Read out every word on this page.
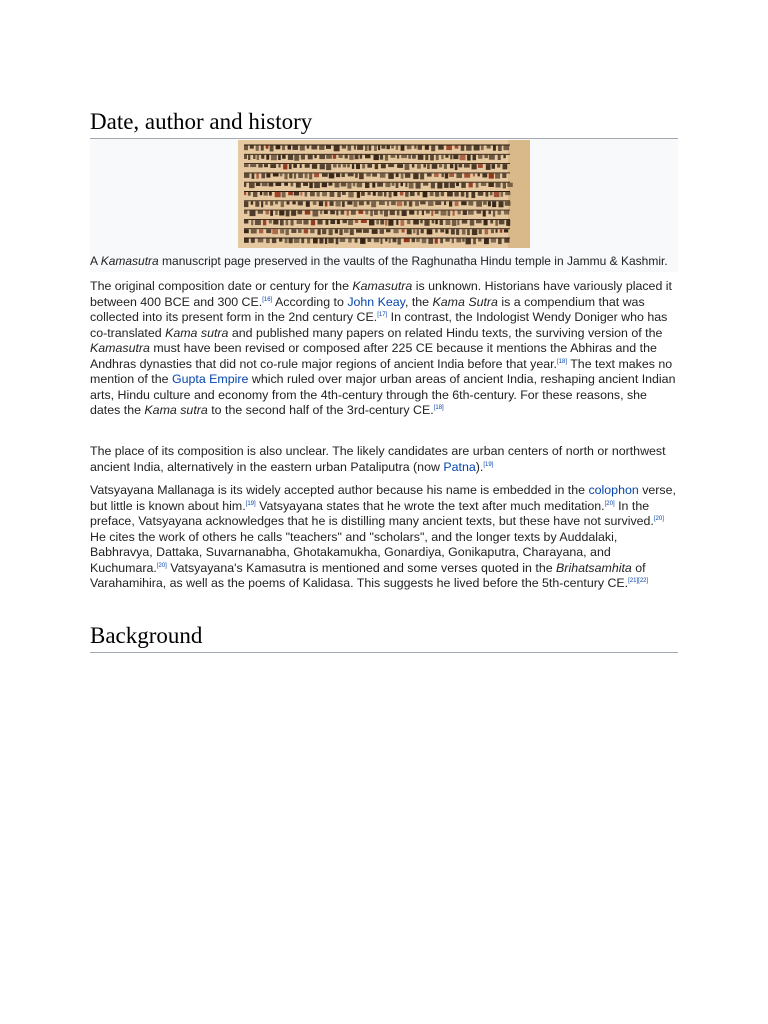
Date, author and history
A Kamasutra manuscript page preserved in the vaults of the Raghunatha Hindu temple in Jammu & Kashmir.

The original composition date or century for the Kamasutra is unknown. Historians have variously placed it between 400 BCE and 300 CE.[16] According to John Keay, the Kama Sutra is a compendium that was collected into its present form in the 2nd century CE.[17] In contrast, the Indologist Wendy Doniger who has co-translated Kama sutra and published many papers on related Hindu texts, the surviving version of the Kamasutra must have been revised or composed after 225 CE because it mentions the Abhiras and the Andhras dynasties that did not co-rule major regions of ancient India before that year.[18] The text makes no mention of the Gupta Empire which ruled over major urban areas of ancient India, reshaping ancient Indian arts, Hindu culture and economy from the 4th-century through the 6th-century. For these reasons, she dates the Kama sutra to the second half of the 3rd-century CE.[18]

The place of its composition is also unclear. The likely candidates are urban centers of north or northwest ancient India, alternatively in the eastern urban Pataliputra (now Patna).[19]

Vatsyayana Mallanaga is its widely accepted author because his name is embedded in the colophon verse, but little is known about him.[19] Vatsyayana states that he wrote the text after much meditation.[20] In the preface, Vatsyayana acknowledges that he is distilling many ancient texts, but these have not survived.[20] He cites the work of others he calls "teachers" and "scholars", and the longer texts by Auddalaki, Babhravya, Dattaka, Suvarnanabha, Ghotakamukha, Gonardiya, Gonikaputra, Charayana, and Kuchumara.[20] Vatsyayana's Kamasutra is mentioned and some verses quoted in the Brihatsamhita of Varahamihira, as well as the poems of Kalidasa. This suggests he lived before the 5th-century CE.[21][22]

Background
